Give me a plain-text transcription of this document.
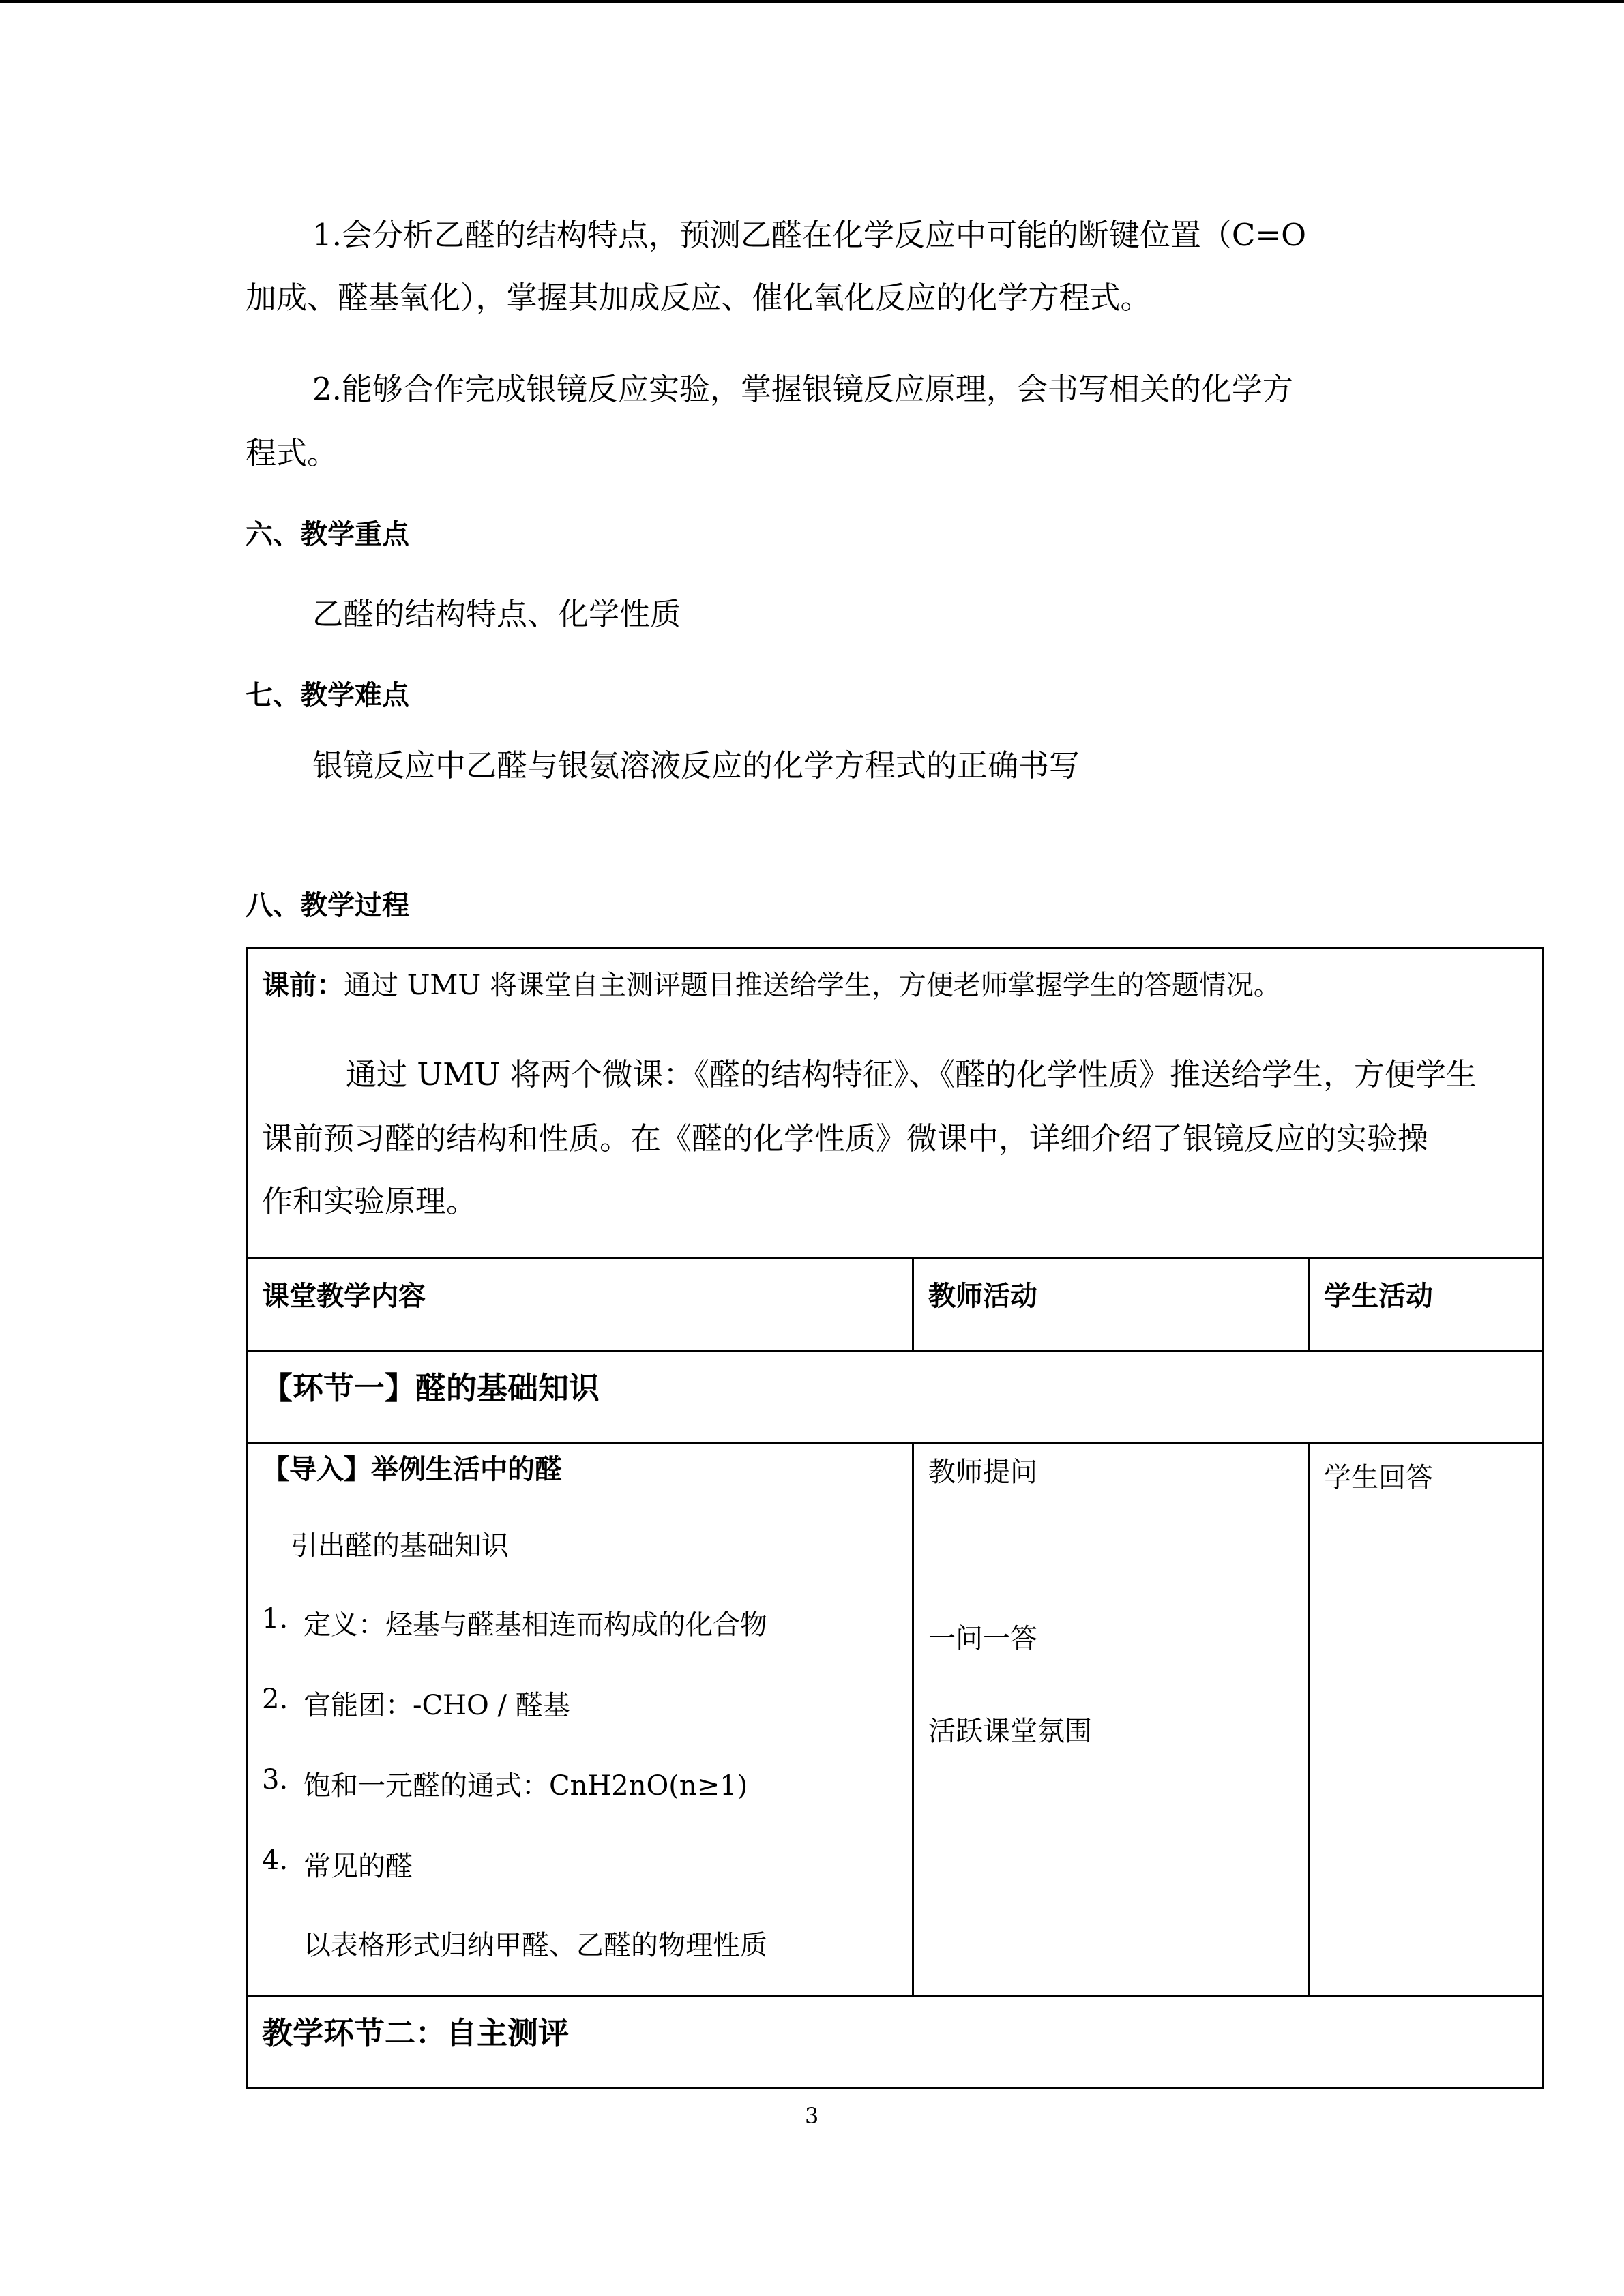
1.会分析乙醛的结构特点，预测乙醛在化学反应中可能的断键位置（C=O
加成、醛基氧化），掌握其加成反应、催化氧化反应的化学方程式。
2.能够合作完成银镜反应实验，掌握银镜反应原理，会书写相关的化学方
程式。
六、教学重点
乙醛的结构特点、化学性质
七、教学难点
银镜反应中乙醛与银氨溶液反应的化学方程式的正确书写
八、教学过程
课前：通过 UMU 将课堂自主测评题目推送给学生，方便老师掌握学生的答题情况。
通过 UMU 将两个微课：《醛的结构特征》、《醛的化学性质》推送给学生，方便学生
课前预习醛的结构和性质。在《醛的化学性质》微课中，详细介绍了银镜反应的实验操
作和实验原理。
课堂教学内容	教师活动	学生活动
【环节一】醛的基础知识
【导入】举例生活中的醛
引出醛的基础知识
1. 定义：烃基与醛基相连而构成的化合物
2. 官能团：-CHO / 醛基
3. 饱和一元醛的通式：CnH2nO(n≥1)
4. 常见的醛
以表格形式归纳甲醛、乙醛的物理性质
教师提问
一问一答
活跃课堂氛围
学生回答
教学环节二：自主测评
3
